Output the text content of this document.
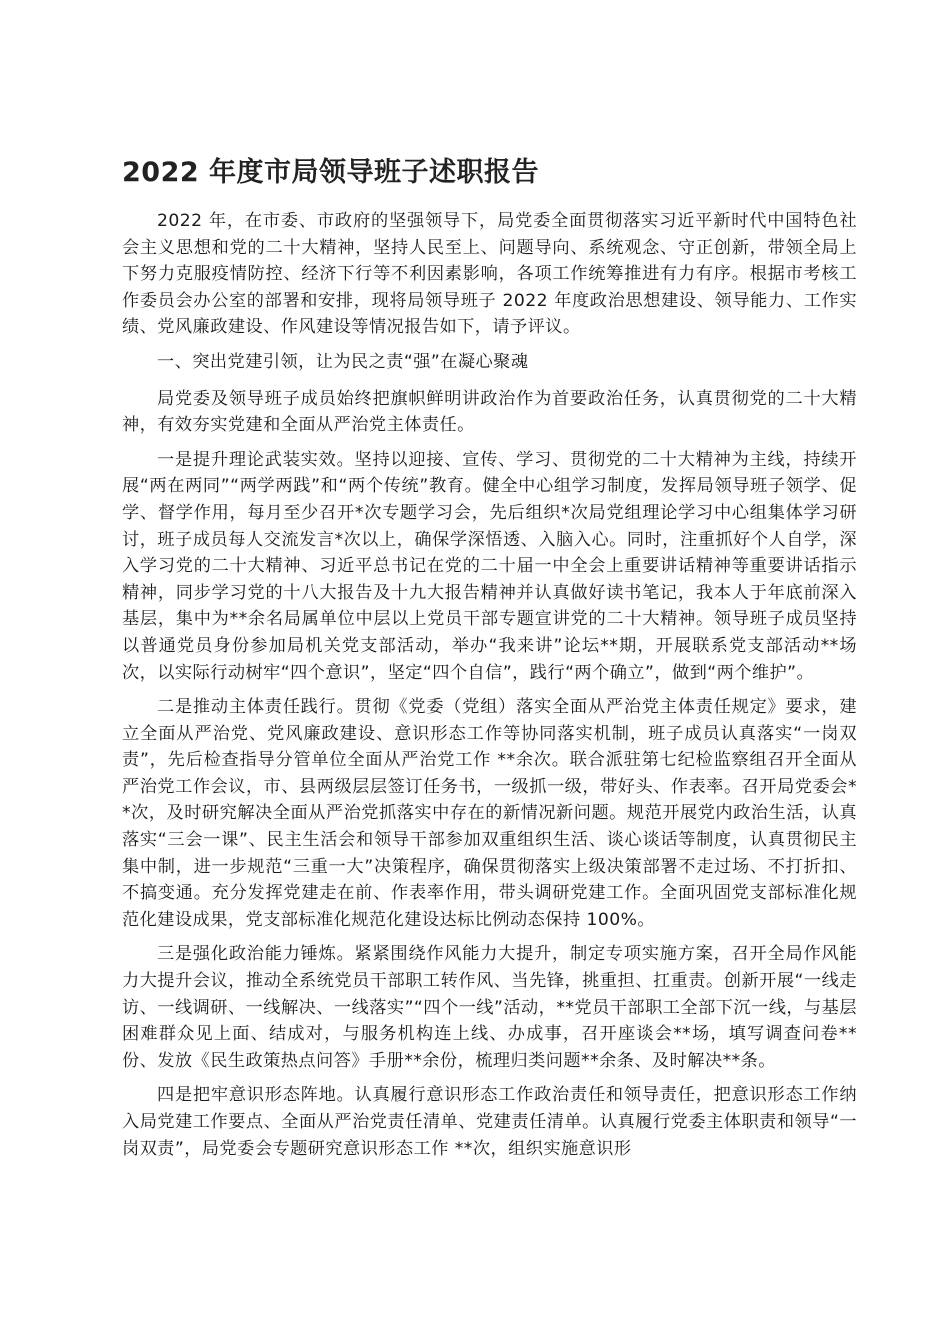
2022 年度市局领导班子述职报告

2022 年，在市委、市政府的坚强领导下，局党委全面贯彻落实习近平新时代中国特色社会主义思想和党的二十大精神，坚持人民至上、问题导向、系统观念、守正创新，带领全局上下努力克服疫情防控、经济下行等不利因素影响，各项工作统筹推进有力有序。根据市考核工作委员会办公室的部署和安排，现将局领导班子 2022 年度政治思想建设、领导能力、工作实绩、党风廉政建设、作风建设等情况报告如下，请予评议。

一、突出党建引领，让为民之责“强”在凝心聚魂

局党委及领导班子成员始终把旗帜鲜明讲政治作为首要政治任务，认真贯彻党的二十大精神，有效夯实党建和全面从严治党主体责任。

一是提升理论武装实效。坚持以迎接、宣传、学习、贯彻党的二十大精神为主线，持续开展“两在两同”“两学两践”和“两个传统”教育。健全中心组学习制度，发挥局领导班子领学、促学、督学作用，每月至少召开*次专题学习会，先后组织*次局党组理论学习中心组集体学习研讨，班子成员每人交流发言*次以上，确保学深悟透、入脑入心。同时，注重抓好个人自学，深入学习党的二十大精神、习近平总书记在党的二十届一中全会上重要讲话精神等重要讲话指示精神，同步学习党的十八大报告及十九大报告精神并认真做好读书笔记，我本人于年底前深入基层，集中为**余名局属单位中层以上党员干部专题宣讲党的二十大精神。领导班子成员坚持以普通党员身份参加局机关党支部活动，举办“我来讲”论坛**期，开展联系党支部活动**场次，以实际行动树牢“四个意识”，坚定“四个自信”，践行“两个确立”，做到“两个维护”。

二是推动主体责任践行。贯彻《党委（党组）落实全面从严治党主体责任规定》要求，建立全面从严治党、党风廉政建设、意识形态工作等协同落实机制，班子成员认真落实“一岗双责”，先后检查指导分管单位全面从严治党工作 **余次。联合派驻第七纪检监察组召开全面从严治党工作会议，市、县两级层层签订任务书，一级抓一级，带好头、作表率。召开局党委会**次，及时研究解决全面从严治党抓落实中存在的新情况新问题。规范开展党内政治生活，认真落实“三会一课”、民主生活会和领导干部参加双重组织生活、谈心谈话等制度，认真贯彻民主集中制，进一步规范“三重一大”决策程序，确保贯彻落实上级决策部署不走过场、不打折扣、不搞变通。充分发挥党建走在前、作表率作用，带头调研党建工作。全面巩固党支部标准化规范化建设成果，党支部标准化规范化建设达标比例动态保持 100%。

三是强化政治能力锤炼。紧紧围绕作风能力大提升，制定专项实施方案，召开全局作风能力大提升会议，推动全系统党员干部职工转作风、当先锋，挑重担、扛重责。创新开展“一线走访、一线调研、一线解决、一线落实”“四个一线”活动，**党员干部职工全部下沉一线，与基层困难群众见上面、结成对，与服务机构连上线、办成事，召开座谈会**场，填写调查问卷**份、发放《民生政策热点问答》手册**余份，梳理归类问题**余条、及时解决**条。

四是把牢意识形态阵地。认真履行意识形态工作政治责任和领导责任，把意识形态工作纳入局党建工作要点、全面从严治党责任清单、党建责任清单。认真履行党委主体职责和领导“一岗双责”，局党委会专题研究意识形态工作 **次，组织实施意识形
